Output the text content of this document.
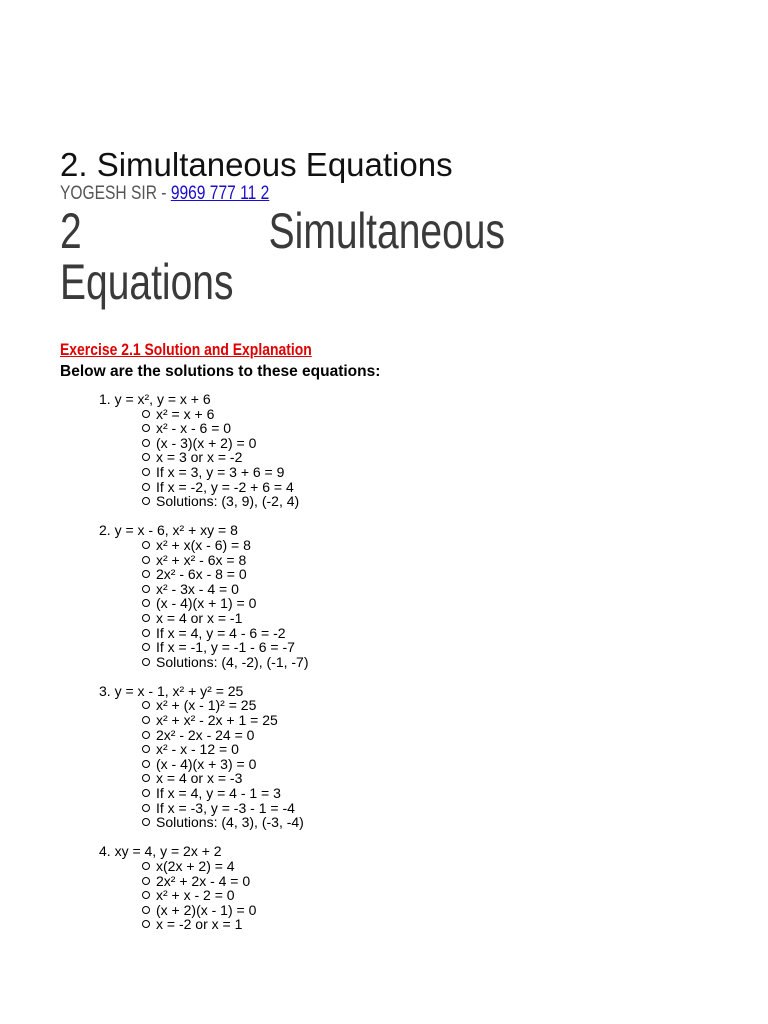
2. Simultaneous Equations
YOGESH SIR - 9969 777 11 2
2	Simultaneous
Equations
Exercise 2.1 Solution and Explanation
Below are the solutions to these equations:
1. y = x², y = x + 6
x² = x + 6
x² - x - 6 = 0
(x - 3)(x + 2) = 0
x = 3 or x = -2
If x = 3, y = 3 + 6 = 9
If x = -2, y = -2 + 6 = 4
Solutions: (3, 9), (-2, 4)
2. y = x - 6, x² + xy = 8
x² + x(x - 6) = 8
x² + x² - 6x = 8
2x² - 6x - 8 = 0
x² - 3x - 4 = 0
(x - 4)(x + 1) = 0
x = 4 or x = -1
If x = 4, y = 4 - 6 = -2
If x = -1, y = -1 - 6 = -7
Solutions: (4, -2), (-1, -7)
3. y = x - 1, x² + y² = 25
x² + (x - 1)² = 25
x² + x² - 2x + 1 = 25
2x² - 2x - 24 = 0
x² - x - 12 = 0
(x - 4)(x + 3) = 0
x = 4 or x = -3
If x = 4, y = 4 - 1 = 3
If x = -3, y = -3 - 1 = -4
Solutions: (4, 3), (-3, -4)
4. xy = 4, y = 2x + 2
x(2x + 2) = 4
2x² + 2x - 4 = 0
x² + x - 2 = 0
(x + 2)(x - 1) = 0
x = -2 or x = 1
